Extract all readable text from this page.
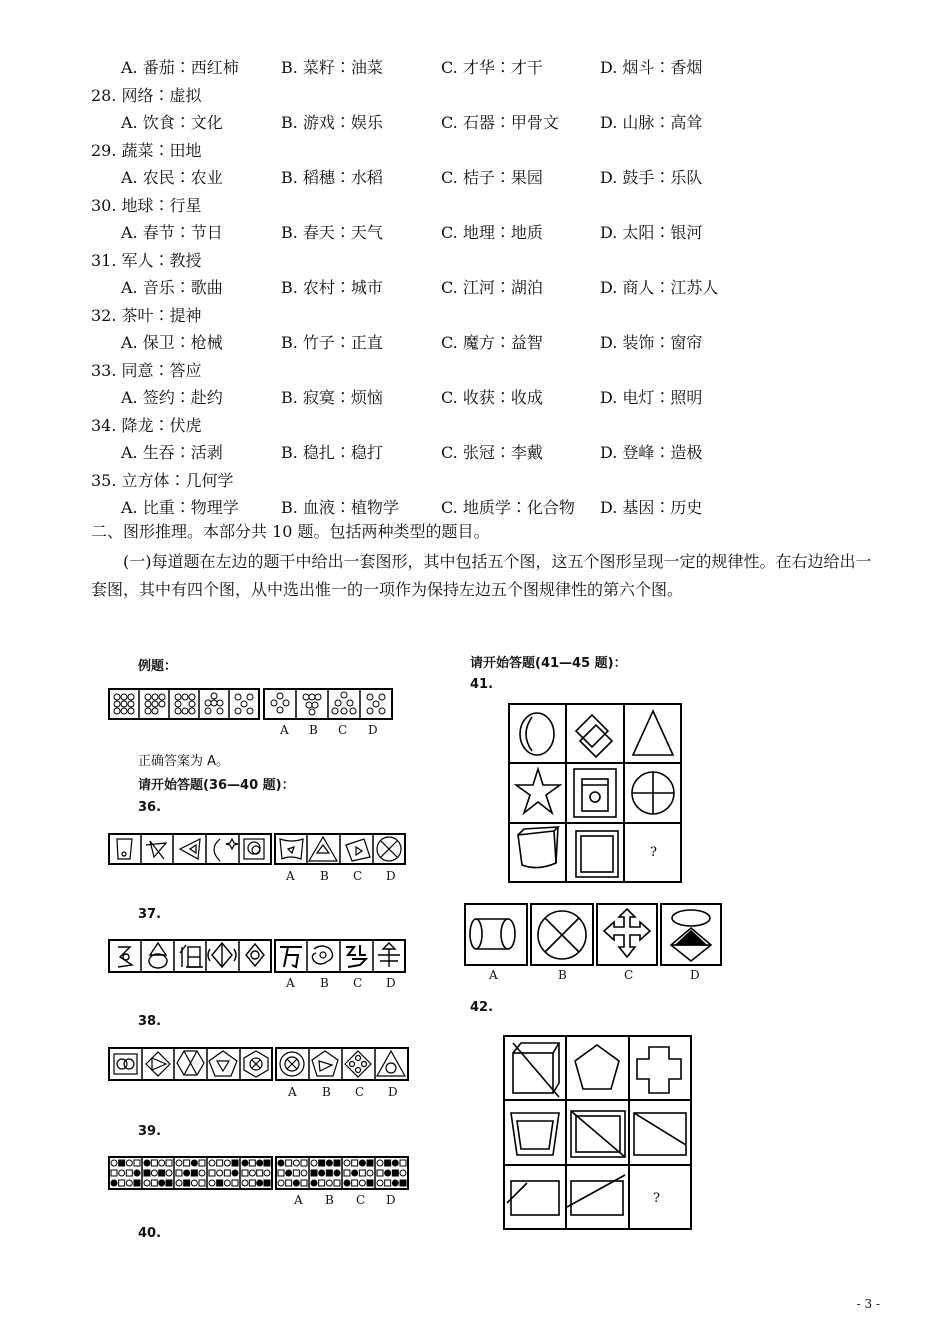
A. 番茄∶西红柿	B. 菜籽∶油菜	C. 才华∶才干	D. 烟斗∶香烟
28. 网络∶虚拟
A. 饮食∶文化	B. 游戏∶娱乐	C. 石器∶甲骨文	D. 山脉∶高耸
29. 蔬菜∶田地
A. 农民∶农业	B. 稻穗∶水稻	C. 桔子∶果园	D. 鼓手∶乐队
30. 地球∶行星
A. 春节∶节日	B. 春天∶天气	C. 地理∶地质	D. 太阳∶银河
31. 军人∶教授
A. 音乐∶歌曲	B. 农村∶城市	C. 江河∶湖泊	D. 商人∶江苏人
32. 茶叶∶提神
A. 保卫∶枪械	B. 竹子∶正直	C. 魔方∶益智	D. 装饰∶窗帘
33. 同意∶答应
A. 签约∶赴约	B. 寂寞∶烦恼	C. 收获∶收成	D. 电灯∶照明
34. 降龙∶伏虎
A. 生吞∶活剥	B. 稳扎∶稳打	C. 张冠∶李戴	D. 登峰∶造极
35. 立方体∶几何学
A. 比重∶物理学	B. 血液∶植物学	C. 地质学∶化合物 D. 基因∶历史
二、图形推理。本部分共 10 题。包括两种类型的题目。
(一)每道题在左边的题干中给出一套图形，其中包括五个图，这五个图形呈现一定的规律性。在右边给出一套图，其中有四个图，从中选出惟一的一项作为保持左边五个图规律性的第六个图。
例题：
A B C D
正确答案为 A。
请开始答题(36—40 题)：
36.
A B C D
37.
A B C D
38.
A B C D
39.
A B C D
40.
请开始答题(41—45 题)：
41.
?
A	B	C	D
42.
?
- 3 -
